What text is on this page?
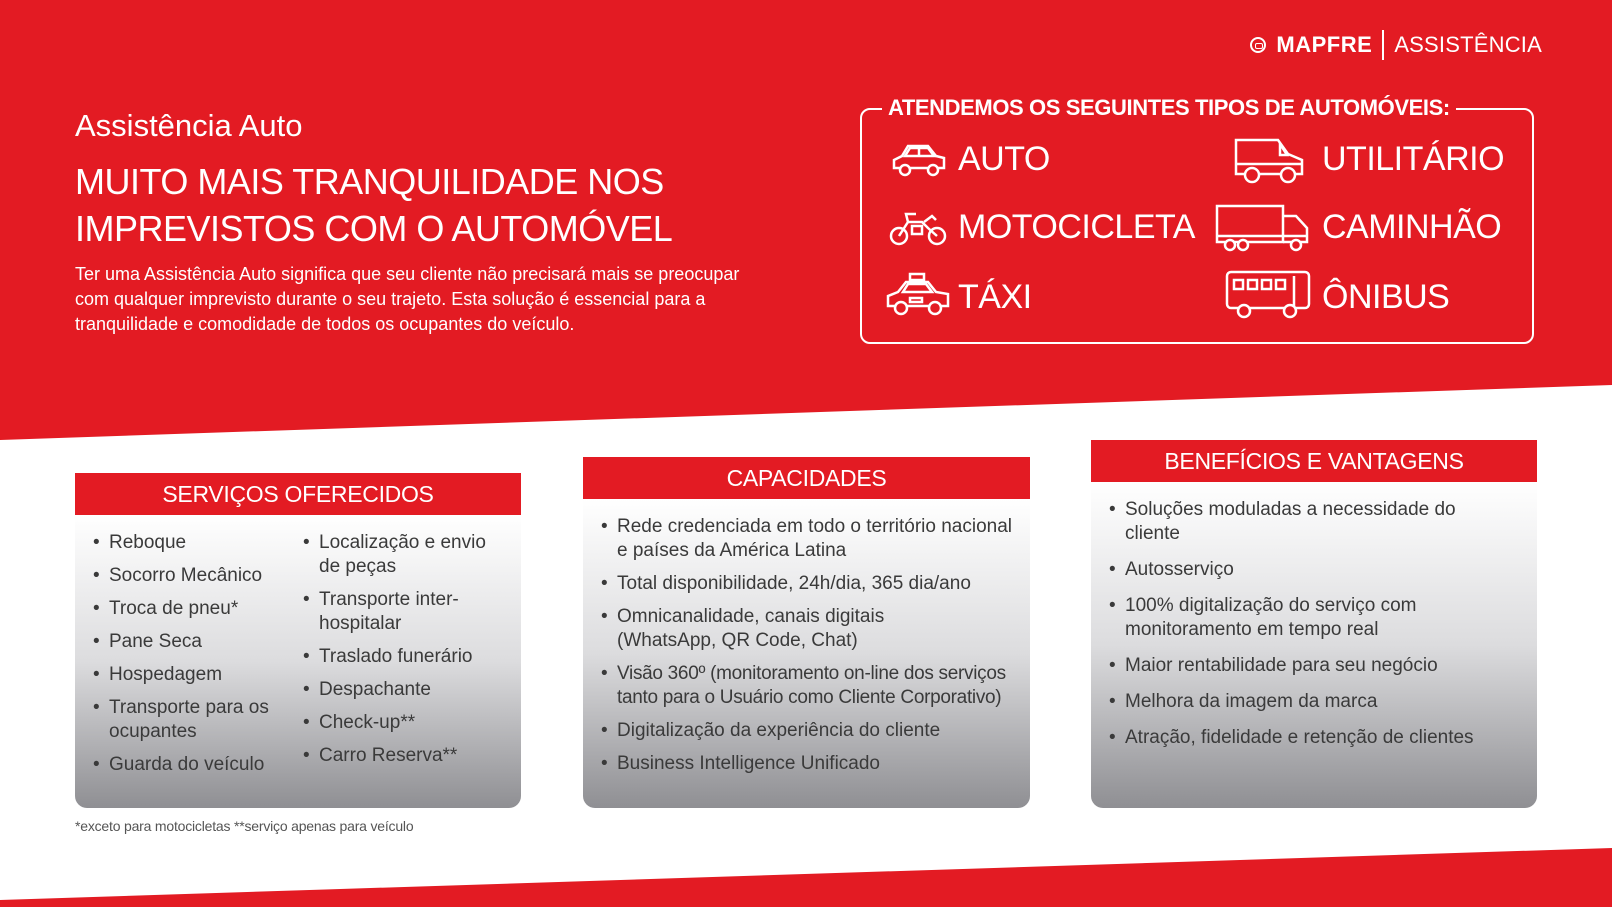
MAPFRE ASSISTÊNCIA
Assistência Auto
MUITO MAIS TRANQUILIDADE NOS
IMPREVISTOS COM O AUTOMÓVEL

Ter uma Assistência Auto significa que seu cliente não precisará mais se preocupar
com qualquer imprevisto durante o seu trajeto. Esta solução é essencial para a
tranquilidade e comodidade de todos os ocupantes do veículo.

ATENDEMOS OS SEGUINTES TIPOS DE AUTOMÓVEIS:
AUTO	UTILITÁRIO
MOTOCICLETA	CAMINHÃO
TÁXI	ÔNIBUS
SERVIÇOS OFERECIDOS
• Reboque
• Socorro Mecânico
• Troca de pneu*
• Pane Seca
• Hospedagem
• Transporte para os ocupantes
• Guarda do veículo
• Localização e envio de peças
• Transporte inter-hospitalar
• Traslado funerário
• Despachante
• Check-up**
• Carro Reserva**
CAPACIDADES
• Rede credenciada em todo o território nacional e países da América Latina
• Total disponibilidade, 24h/dia, 365 dia/ano
• Omnicanalidade, canais digitais (WhatsApp, QR Code, Chat)
• Visão 360º (monitoramento on-line dos serviços tanto para o Usuário como Cliente Corporativo)
• Digitalização da experiência do cliente
• Business Intelligence Unificado
BENEFÍCIOS E VANTAGENS
• Soluções moduladas a necessidade do cliente
• Autosserviço
• 100% digitalização do serviço com monitoramento em tempo real
• Maior rentabilidade para seu negócio
• Melhora da imagem da marca
• Atração, fidelidade e retenção de clientes
*exceto para motocicletas **serviço apenas para veículo
